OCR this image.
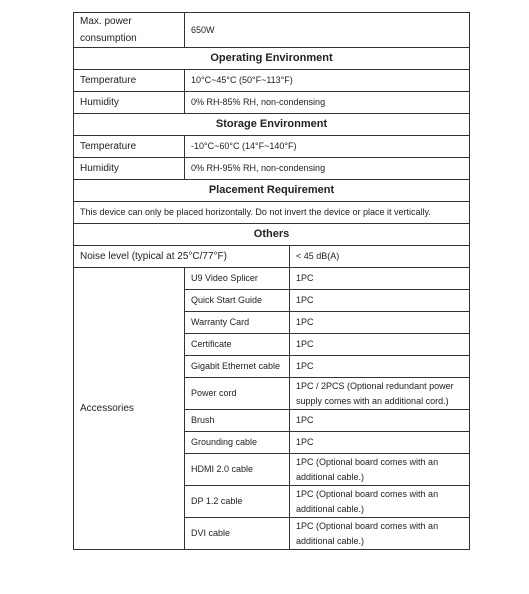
Max. power
consumption	650W	
Operating Environment		
Temperature	10°C~45°C (50°F~113°F)	
Humidity	0% RH-85% RH, non-condensing	
Storage Environment		
Temperature	-10°C~60°C (14°F~140°F)	
Humidity	0% RH-95% RH, non-condensing	
Placement Requirement		
This device can only be placed horizontally. Do not invert the device or place it vertically.		
Others		
Noise level (typical at 25°C/77°F)		< 45 dB(A)
Accessories	U9 Video Splicer	1PC
	Quick Start Guide	1PC
	Warranty Card	1PC
	Certificate	1PC
	Gigabit Ethernet cable	1PC
	Power cord	1PC / 2PCS (Optional redundant power
supply comes with an additional cord.)

	Brush	1PC
	Grounding cable	1PC
	HDMI 2.0 cable	1PC (Optional board comes with an
additional cable.)

	DP 1.2 cable	1PC (Optional board comes with an
additional cable.)

	DVI cable	1PC (Optional board comes with an
additional cable.)
